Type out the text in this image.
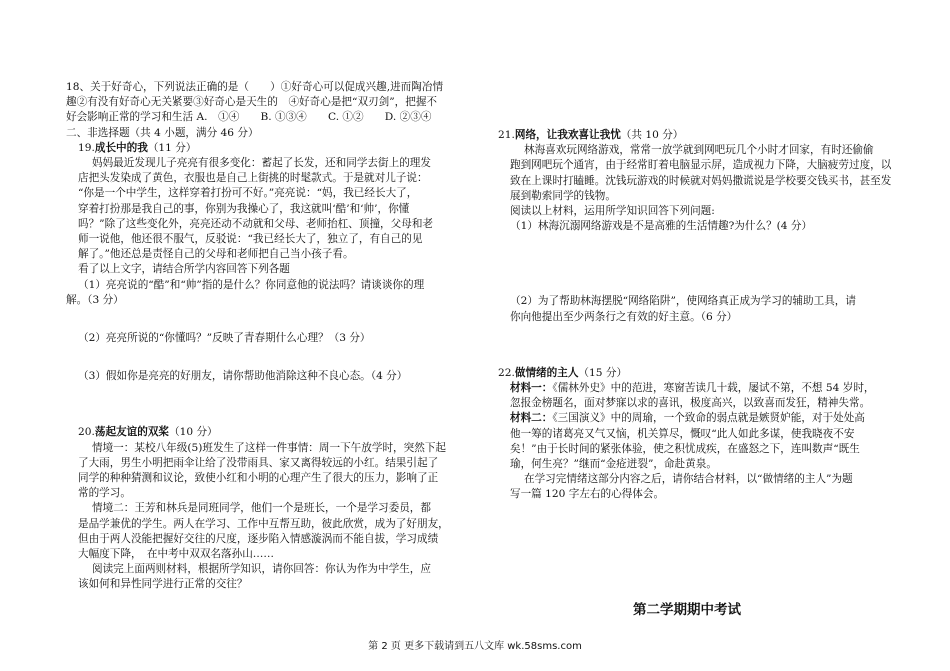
18、关于好奇心，下列说法正确的是（　　）①好奇心可以促成兴趣,进而陶冶情

趣②有没有好奇心无关紧要③好奇心是天生的　④好奇心是把“双刃剑”，把握不

好会影响正常的学习和生活 A.　①④　　B. ①③④　　C. ①②　　D. ②③④

二、非选择题（共 4 小题，满分 46 分）

19.成长中的我（11 分）

妈妈最近发现儿子亮亮有很多变化：蓄起了长发，还和同学去街上的理发

店把头发染成了黄色，衣服也是自己上街挑的时髦款式。于是就对儿子说：

“你是一个中学生，这样穿着打扮可不好。”亮亮说：“妈，我已经长大了，

穿着打扮那是我自己的事，你别为我操心了，我这就叫‘酷’和‘帅’，你懂

吗？”除了这些变化外，亮亮还动不动就和父母、老师抬杠、顶撞，父母和老

师一说他，他还很不服气，反驳说：“我已经长大了，独立了，有自己的见

解了。”他还总是责怪自己的父母和老师把自己当小孩子看。

看了以上文字，请结合所学内容回答下列各题

（1）亮亮说的“酷”和“帅”指的是什么？你同意他的说法吗？请谈谈你的理

解。（3 分）

（2）亮亮所说的“你懂吗？”反映了青春期什么心理？（3 分）

（3）假如你是亮亮的好朋友，请你帮助他消除这种不良心态。（4 分）

20.荡起友谊的双桨（10 分）

情境一：某校八年级(5)班发生了这样一件事情：周一下午放学时，突然下起

了大雨，男生小明把雨伞让给了没带雨具、家又离得较远的小红。结果引起了

同学的种种猜测和议论，致使小红和小明的心理产生了很大的压力，影响了正

常的学习。

情境二：王芳和林兵是同班同学，他们一个是班长，一个是学习委员，都

是品学兼优的学生。两人在学习、工作中互帮互助，彼此欣赏，成为了好朋友，

但由于两人没能把握好交往的尺度，逐步陷入情感漩涡而不能自拔，学习成绩

大幅度下降，　在中考中双双名落孙山……

阅读完上面两则材料，根据所学知识，请你回答：你认为作为中学生，应

该如何和异性同学进行正常的交往？

21.网络，让我欢喜让我忧（共 10 分）

林海喜欢玩网络游戏，常常一放学就到网吧玩几个小时才回家，有时还偷偷

跑到网吧玩个通宵，由于经常盯着电脑显示屏，造成视力下降，大脑疲劳过度，以

致在上课时打瞌睡。沈钱玩游戏的时候就对妈妈撒谎说是学校要交钱买书，甚至发

展到勒索同学的钱物。

阅读以上材料，运用所学知识回答下列问题:

（1）林海沉溺网络游戏是不是高雅的生活情趣?为什么？(4 分）

（2）为了帮助林海摆脱“网络陷阱”，使网络真正成为学习的辅助工具，请

你向他提出至少两条行之有效的好主意。（6 分）

22.做情绪的主人（15 分）

材料一：《儒林外史》中的范进，寒窗苦读几十载，屡试不第，不想 54 岁时，

忽报金榜题名，面对梦寐以求的喜讯，极度高兴，以致喜而发狂，精神失常。

材料二：《三国演义》中的周瑜，一个致命的弱点就是嫉贤妒能，对于处处高

他一筹的诸葛亮又气又恼，机关算尽，慨叹“此人如此多谋，使我晓夜不安

矣！”由于长时间的紧张体验，使之积忧成疾，在盛怒之下，连叫数声“既生

瑜，何生亮？”继而“金疮迸裂”，命赴黄泉。

在学习完情绪这部分内容之后，请你结合材料，以“做情绪的主人”为题

写一篇 120 字左右的心得体会。

第二学期期中考试
第 2 页 更多下载请到五八文库 wk.58sms.com
